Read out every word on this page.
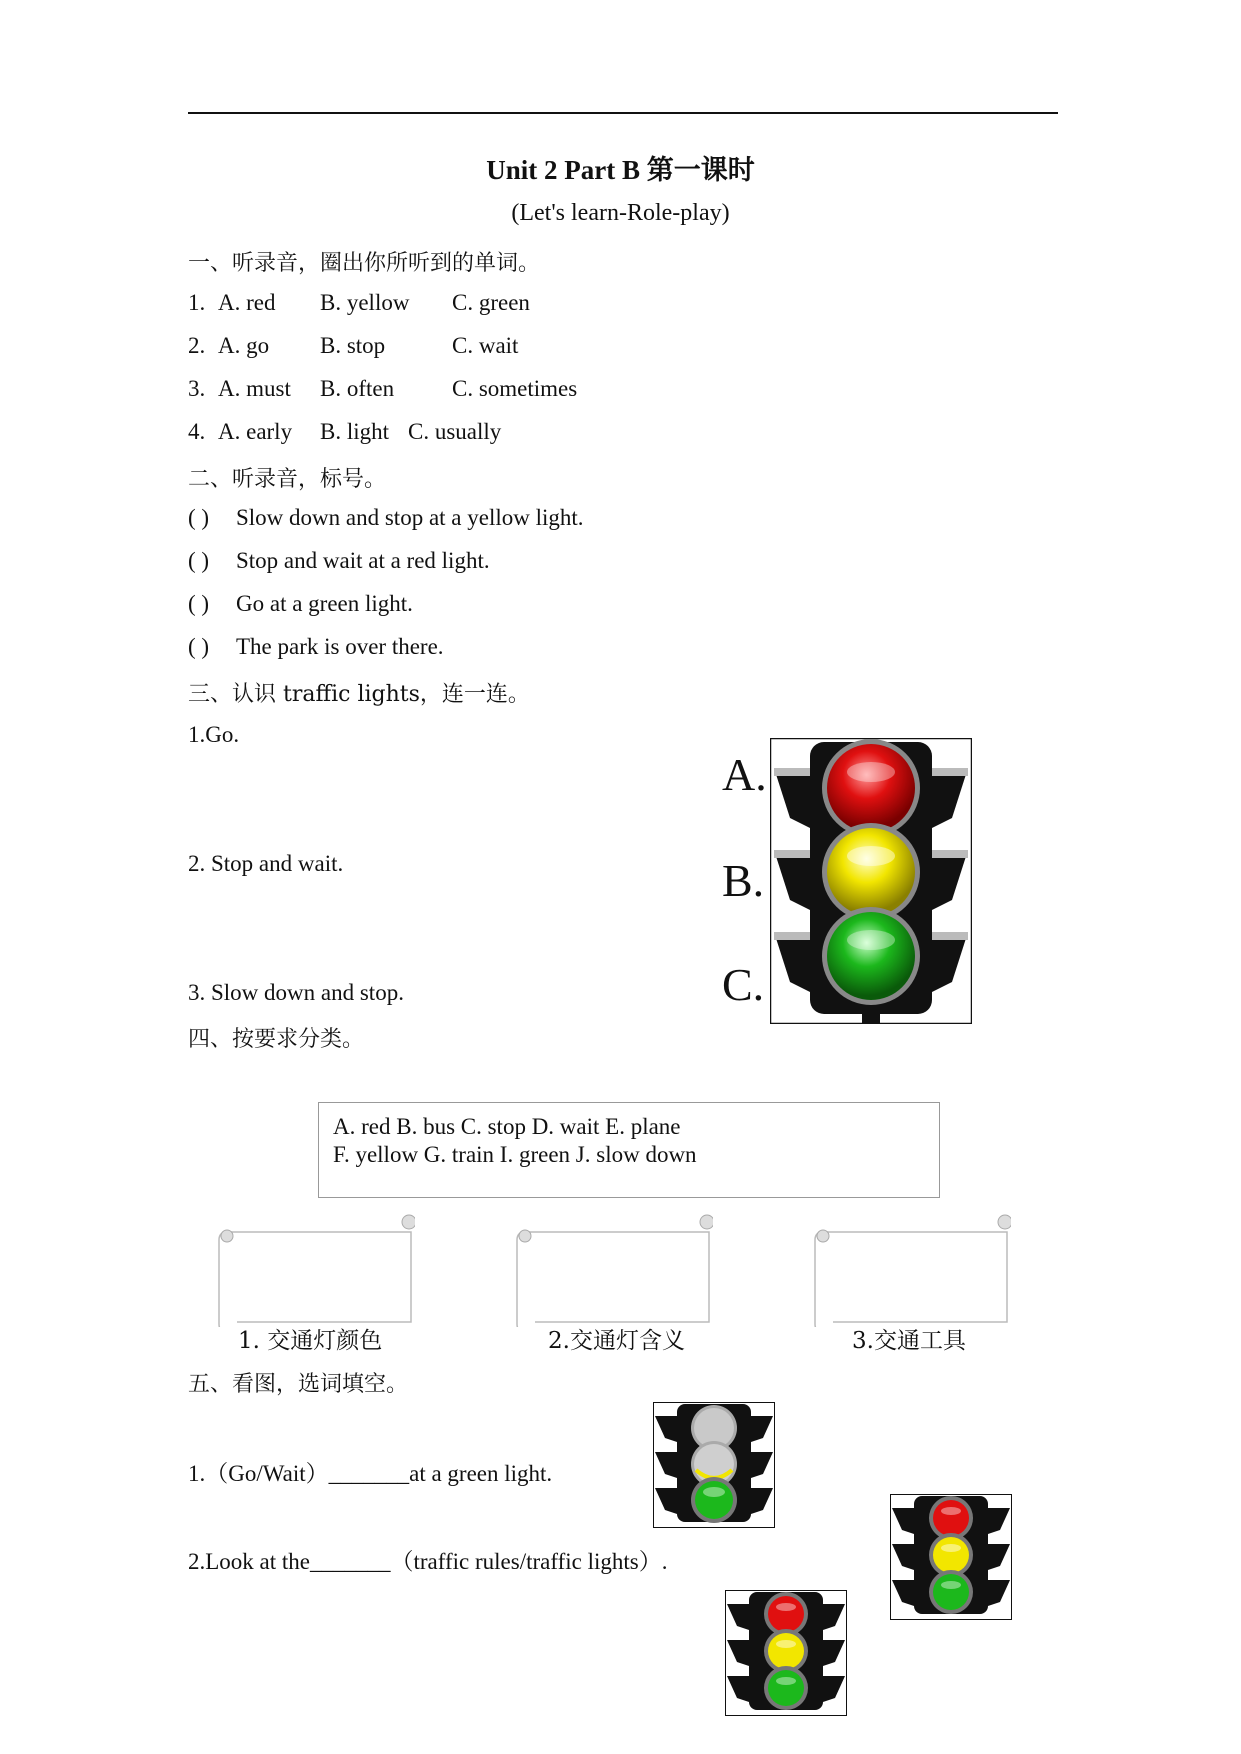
Unit 2 Part B 第一课时
(Let's learn-Role-play)
一、听录音，圈出你所听到的单词。
1. A. red B. yellow C. green
2. A. go B. stop	C. wait
3. A. must B. often	C. sometimes
4. A. early B. light C. usually
二、听录音，标号。
( ) Slow down and stop at a yellow light.
( ) Stop and wait at a red light.
( ) Go at a green light.
( ) The park is over there.
三、认识 traffic lights，连一连。
1.Go.
2. Stop and wait.
3. Slow down and stop.
A.
B.
C.
四、按要求分类。
A. red B. bus C. stop D. wait E. plane
F. yellow G. train I. green J. slow down
1. 交通灯颜色	2.交通灯含义	3.交通工具
五、看图，选词填空。
1.（Go/Wait）_______at a green light.
2.Look at the_______（traffic rules/traffic lights）.
